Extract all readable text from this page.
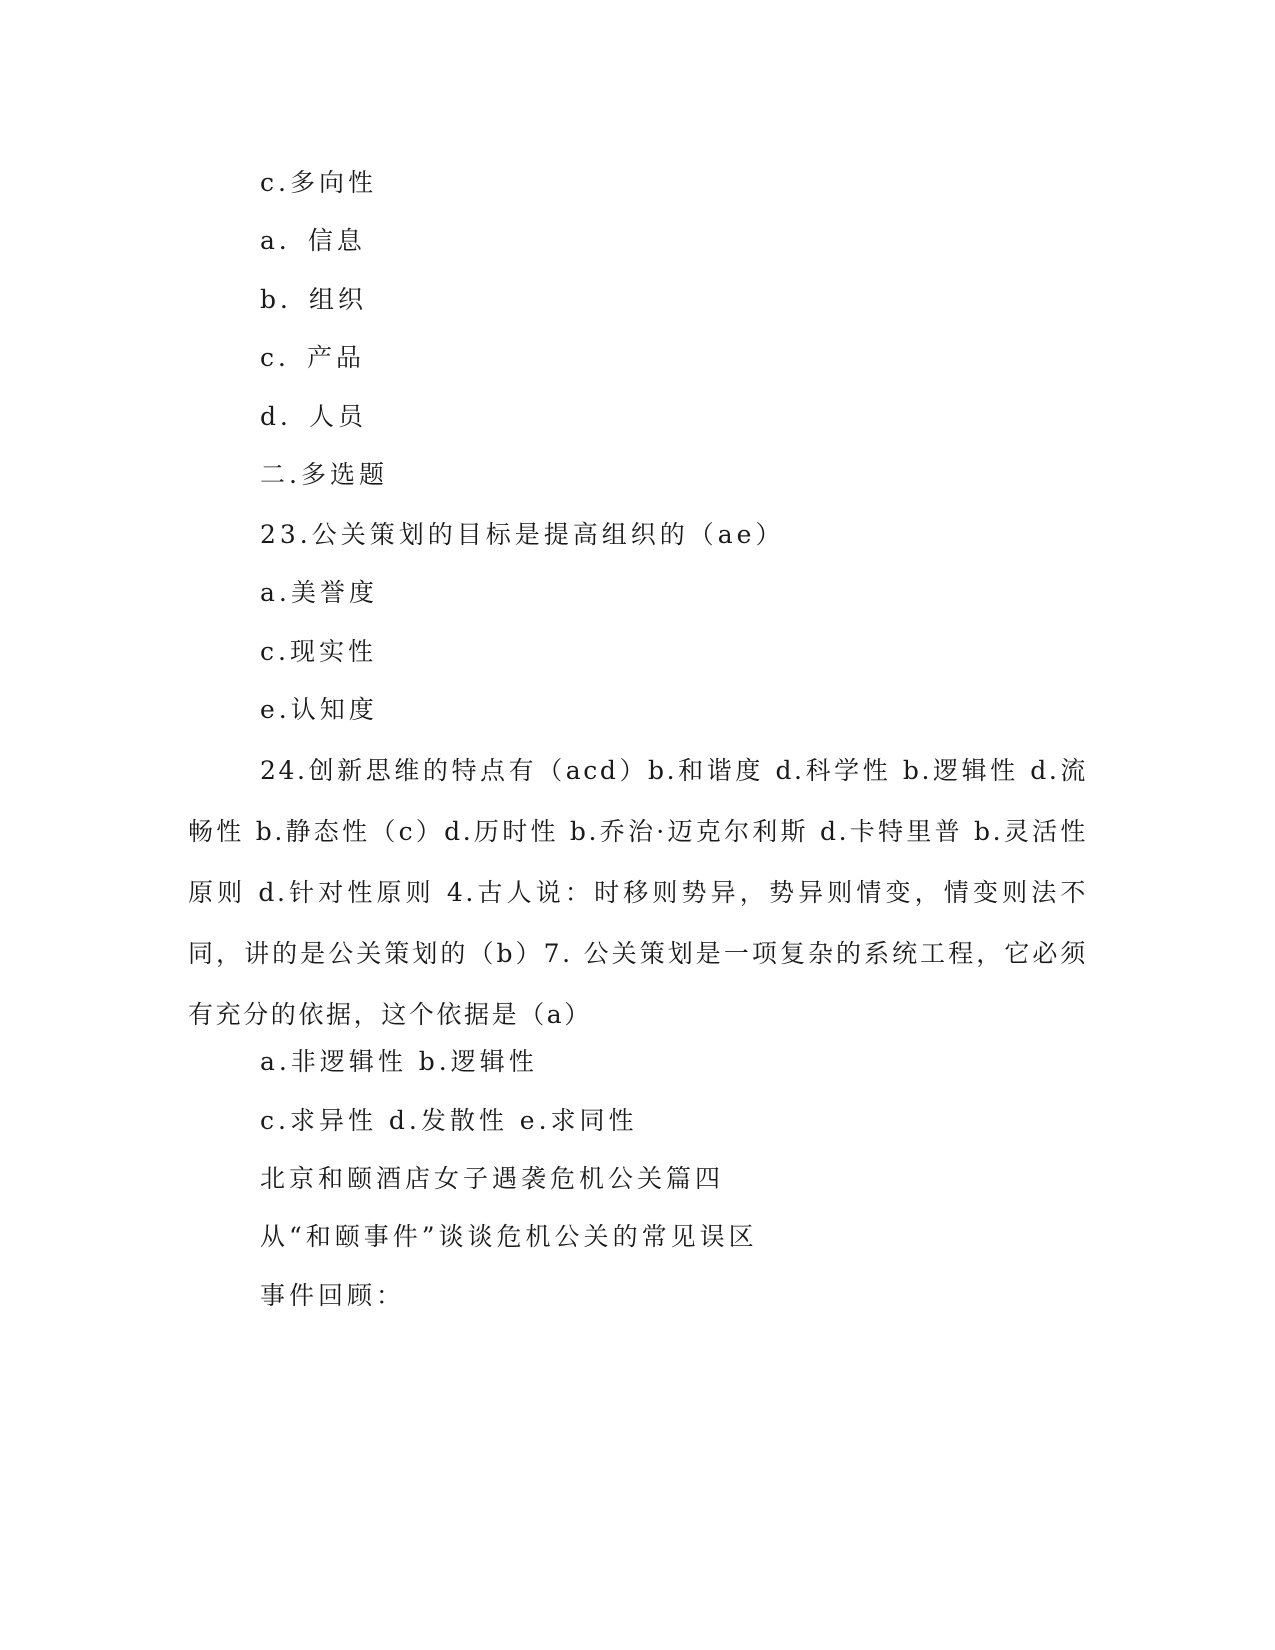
c.多向性
a．信息
b．组织
c．产品
d．人员
二.多选题
23.公关策划的目标是提高组织的（ae）
a.美誉度
c.现实性
e.认知度
24.创新思维的特点有（acd）b.和谐度 d.科学性 b.逻辑性 d.流畅性 b.静态性（c）d.历时性 b.乔治·迈克尔利斯 d.卡特里普 b.灵活性原则 d.针对性原则 4.古人说：时移则势异，势异则情变，情变则法不同，讲的是公关策划的（b）7. 公关策划是一项复杂的系统工程，它必须有充分的依据，这个依据是（a）
a.非逻辑性 b.逻辑性
c.求异性 d.发散性 e.求同性
北京和颐酒店女子遇袭危机公关篇四
从“和颐事件”谈谈危机公关的常见误区
事件回顾：
